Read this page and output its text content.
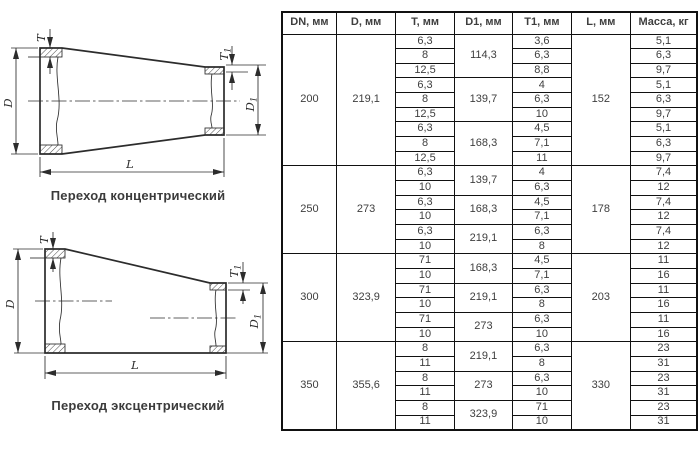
D
T
$T_1$
$D_1$
L
Переход концентрический
D
T
$T_1$
$D_1$
L
Переход эксцентрический
DN, мм	D, мм	T, мм	D1, мм	T1, мм	L, мм	Масса, кг
200	219,1	6,3	114,3	3,6	152	5,1
		8		6,3		6,3
		12,5		8,8		9,7
		6,3	139,7	4		5,1
		8		6,3		6,3
		12,5		10		9,7
		6,3	168,3	4,5		5,1
		8		7,1		6,3
		12,5		11		9,7
250	273	6,3	139,7	4	178	7,4
		10		6,3		12
		6,3	168,3	4,5		7,4
		10		7,1		12
		6,3	219,1	6,3		7,4
		10		8		12
300	323,9	71	168,3	4,5	203	11
		10		7,1		16
		71	219,1	6,3		11
		10		8		16
		71	273	6,3		11
		10		10		16
350	355,6	8	219,1	6,3	330	23
		11		8		31
		8	273	6,3		23
		11		10		31
		8	323,9	71		23
		11		10		31
